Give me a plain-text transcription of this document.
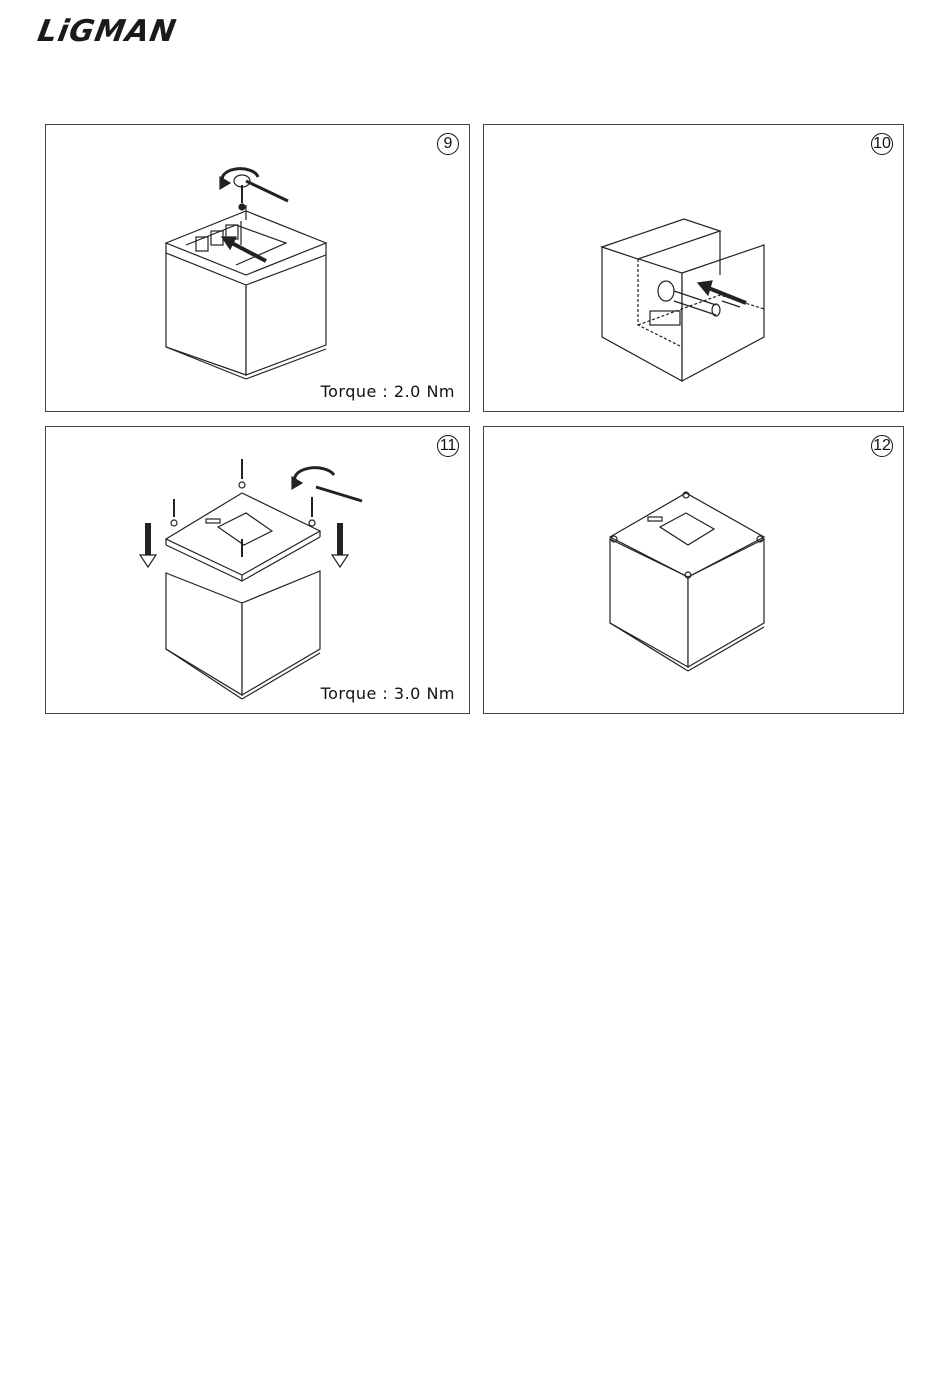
LiGMAN
9
Torque : 2.0 Nm
10
11
Torque : 3.0 Nm
12
